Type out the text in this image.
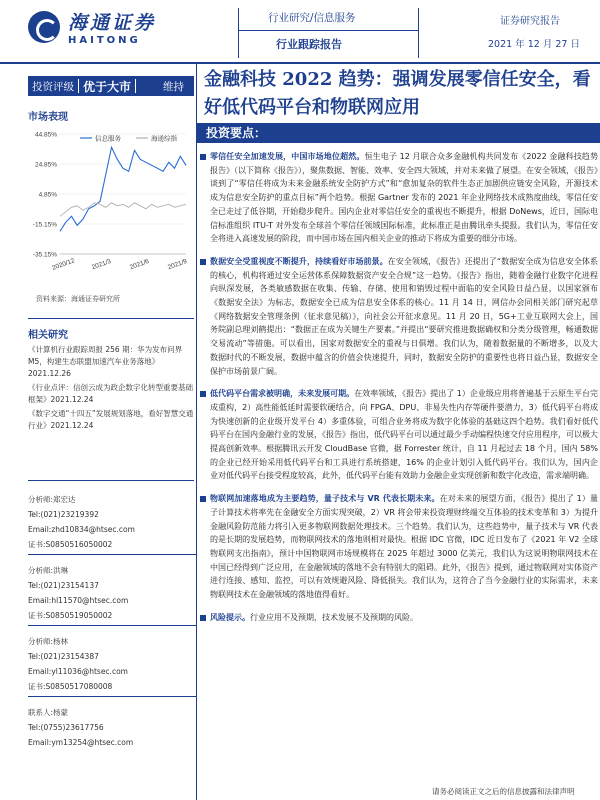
海通证券
HAITONG
行业研究/信息服务
行业跟踪报告
证券研究报告
2021 年 12 月 27 日
投资评级 优于大市	维持
市场表现
44.85%
24.85%
4.85%
-15.15%
-35.15%
2020/12 2021/3	2021/6	2021/9
信息服务	海通综指
资料来源：海通证券研究所
相关研究

《计算机行业跟踪周报 256 期：华为发布问界 M5，构建生态联盟加速汽车业务落地》2021.12.26

《行业点评：信创云成为政企数字化转型重要基础框架》2021.12.24

《数字交通“十四五”发展规划落地，看好智慧交通行业》2021.12.24

分析师:郑宏达
Tel:(021)23219392
Email:zhd10834@htsec.com
证书:S0850516050002
分析师:洪琳
Tel:(021)23154137
Email:hl11570@htsec.com
证书:S0850519050002
分析师:杨林
Tel:(021)23154387
Email:yl11036@htsec.com
证书:S0850517080008
联系人:杨蒙
Tel:(0755)23617756
Email:ym13254@htsec.com
金融科技 2022 趋势：强调发展零信任安全，看好低代码平台和物联网应用
投资要点：
零信任安全加速发展，中国市场地位超然。恒生电子 12 月联合众多金融机构共同发布《2022 金融科技趋势报告》（以下简称《报告》），聚焦数据、智能、效率、安全四大领域，并对未来做了展望。在安全领域，《报告》谈到了“零信任将成为未来金融系统安全防护方式”和“愈加复杂的软件生态正加剧供应链安全风险，开源技术成为信息安全防护的重点目标”两个趋势。根据 Gartner 发布的 2021 年企业网络技术成熟度曲线，零信任安全已走过了低谷期，开始稳步爬升。国内企业对零信任安全的重视也不断提升，根据 DoNews，近日，国际电信标准组织 ITU-T 对外发布全球首个零信任领域国际标准，此标准正是由腾讯牵头提报。我们认为，零信任安全将进入高速发展的阶段，而中国市场在国内相关企业的推动下将成为重要的细分市场。
数据安全受重视度不断提升，持续看好市场前景。在安全领域，《报告》还提出了“数据安全成为信息安全体系的核心，机构将通过安全运营体系保障数据资产安全合规”这一趋势。《报告》指出，随着金融行业数字化进程向纵深发展，各类敏感数据在收集、传输、存储、使用和销毁过程中面临的安全风险日益凸显，以国家颁布《数据安全法》为标志，数据安全已成为信息安全体系的核心。11 月 14 日，网信办会同相关部门研究起草《网络数据安全管理条例（征求意见稿）》，向社会公开征求意见。11 月 20 日，5G+工业互联网大会上，国务院副总理刘鹤提出：“数据正在成为关键生产要素。”并提出“要研究推进数据确权和分类分级管理，畅通数据交易流动”等措施。可以看出，国家对数据安全的重视与日俱增。我们认为，随着数据量的不断增多，以及大数据时代的不断发展，数据中蕴含的价值会快速提升，同时，数据安全防护的重要性也将日益凸显，数据安全保护市场前景广阔。
低代码平台需求被明确，未来发展可期。在效率领域，《报告》提出了 1）企业级应用将普遍基于云原生平台完成重构，2）高性能低延时需要软硬结合，向 FPGA、DPU、非易失性内存等硬件要潜力，3）低代码平台将成为快速创新的企业级开发平台 4）多重体验，可组合业务将成为数字化体验的基础这四个趋势。我们看好低代码平台在国内金融行业的发展，《报告》指出，低代码平台可以通过最少手动编程快速交付应用程序，可以极大提高创新效率。根据腾讯云开发 CloudBase 官微，据 Forrester 统计，自 11 月起过去 18 个月，国内 58% 的企业已经开始采用低代码平台和工具进行系统搭建，16% 的企业计划引入低代码平台。我们认为，国内企业对低代码平台接受程度较高，此外，低代码平台能有效助力金融企业实现创新和数字化改造，需求端明确。
物联网加速落地成为主要趋势，量子技术与 VR 代表长期未来。在对未来的展望方面，《报告》提出了 1）量子计算技术将率先在金融安全方面实现突破，2）VR 将会带来投资理财终端交互体验的技术变革和 3）为提升金融风险防范能力将引入更多物联网数据处理技术。三个趋势。我们认为，这些趋势中，量子技术与 VR 代表的是长期的发展趋势，而物联网技术的落地则相对最快。根据 IDC 官微，IDC 近日发布了《2021 年 V2 全球物联网支出指南》，预计中国物联网市场规模将在 2025 年超过 3000 亿美元，我们认为这说明物联网技术在中国已经得到广泛应用，在金融领域的落地不会有特别大的阻碍。此外，《报告》提到，通过物联网对实体资产进行连接、感知、监控，可以有效规避风险、降低损失。我们认为，这符合了当今金融行业的实际需求，未来物联网技术在金融领域的落地值得看好。
风险提示。行业应用不及预期，技术发展不及预期的风险。
请务必阅读正文之后的信息披露和法律声明
